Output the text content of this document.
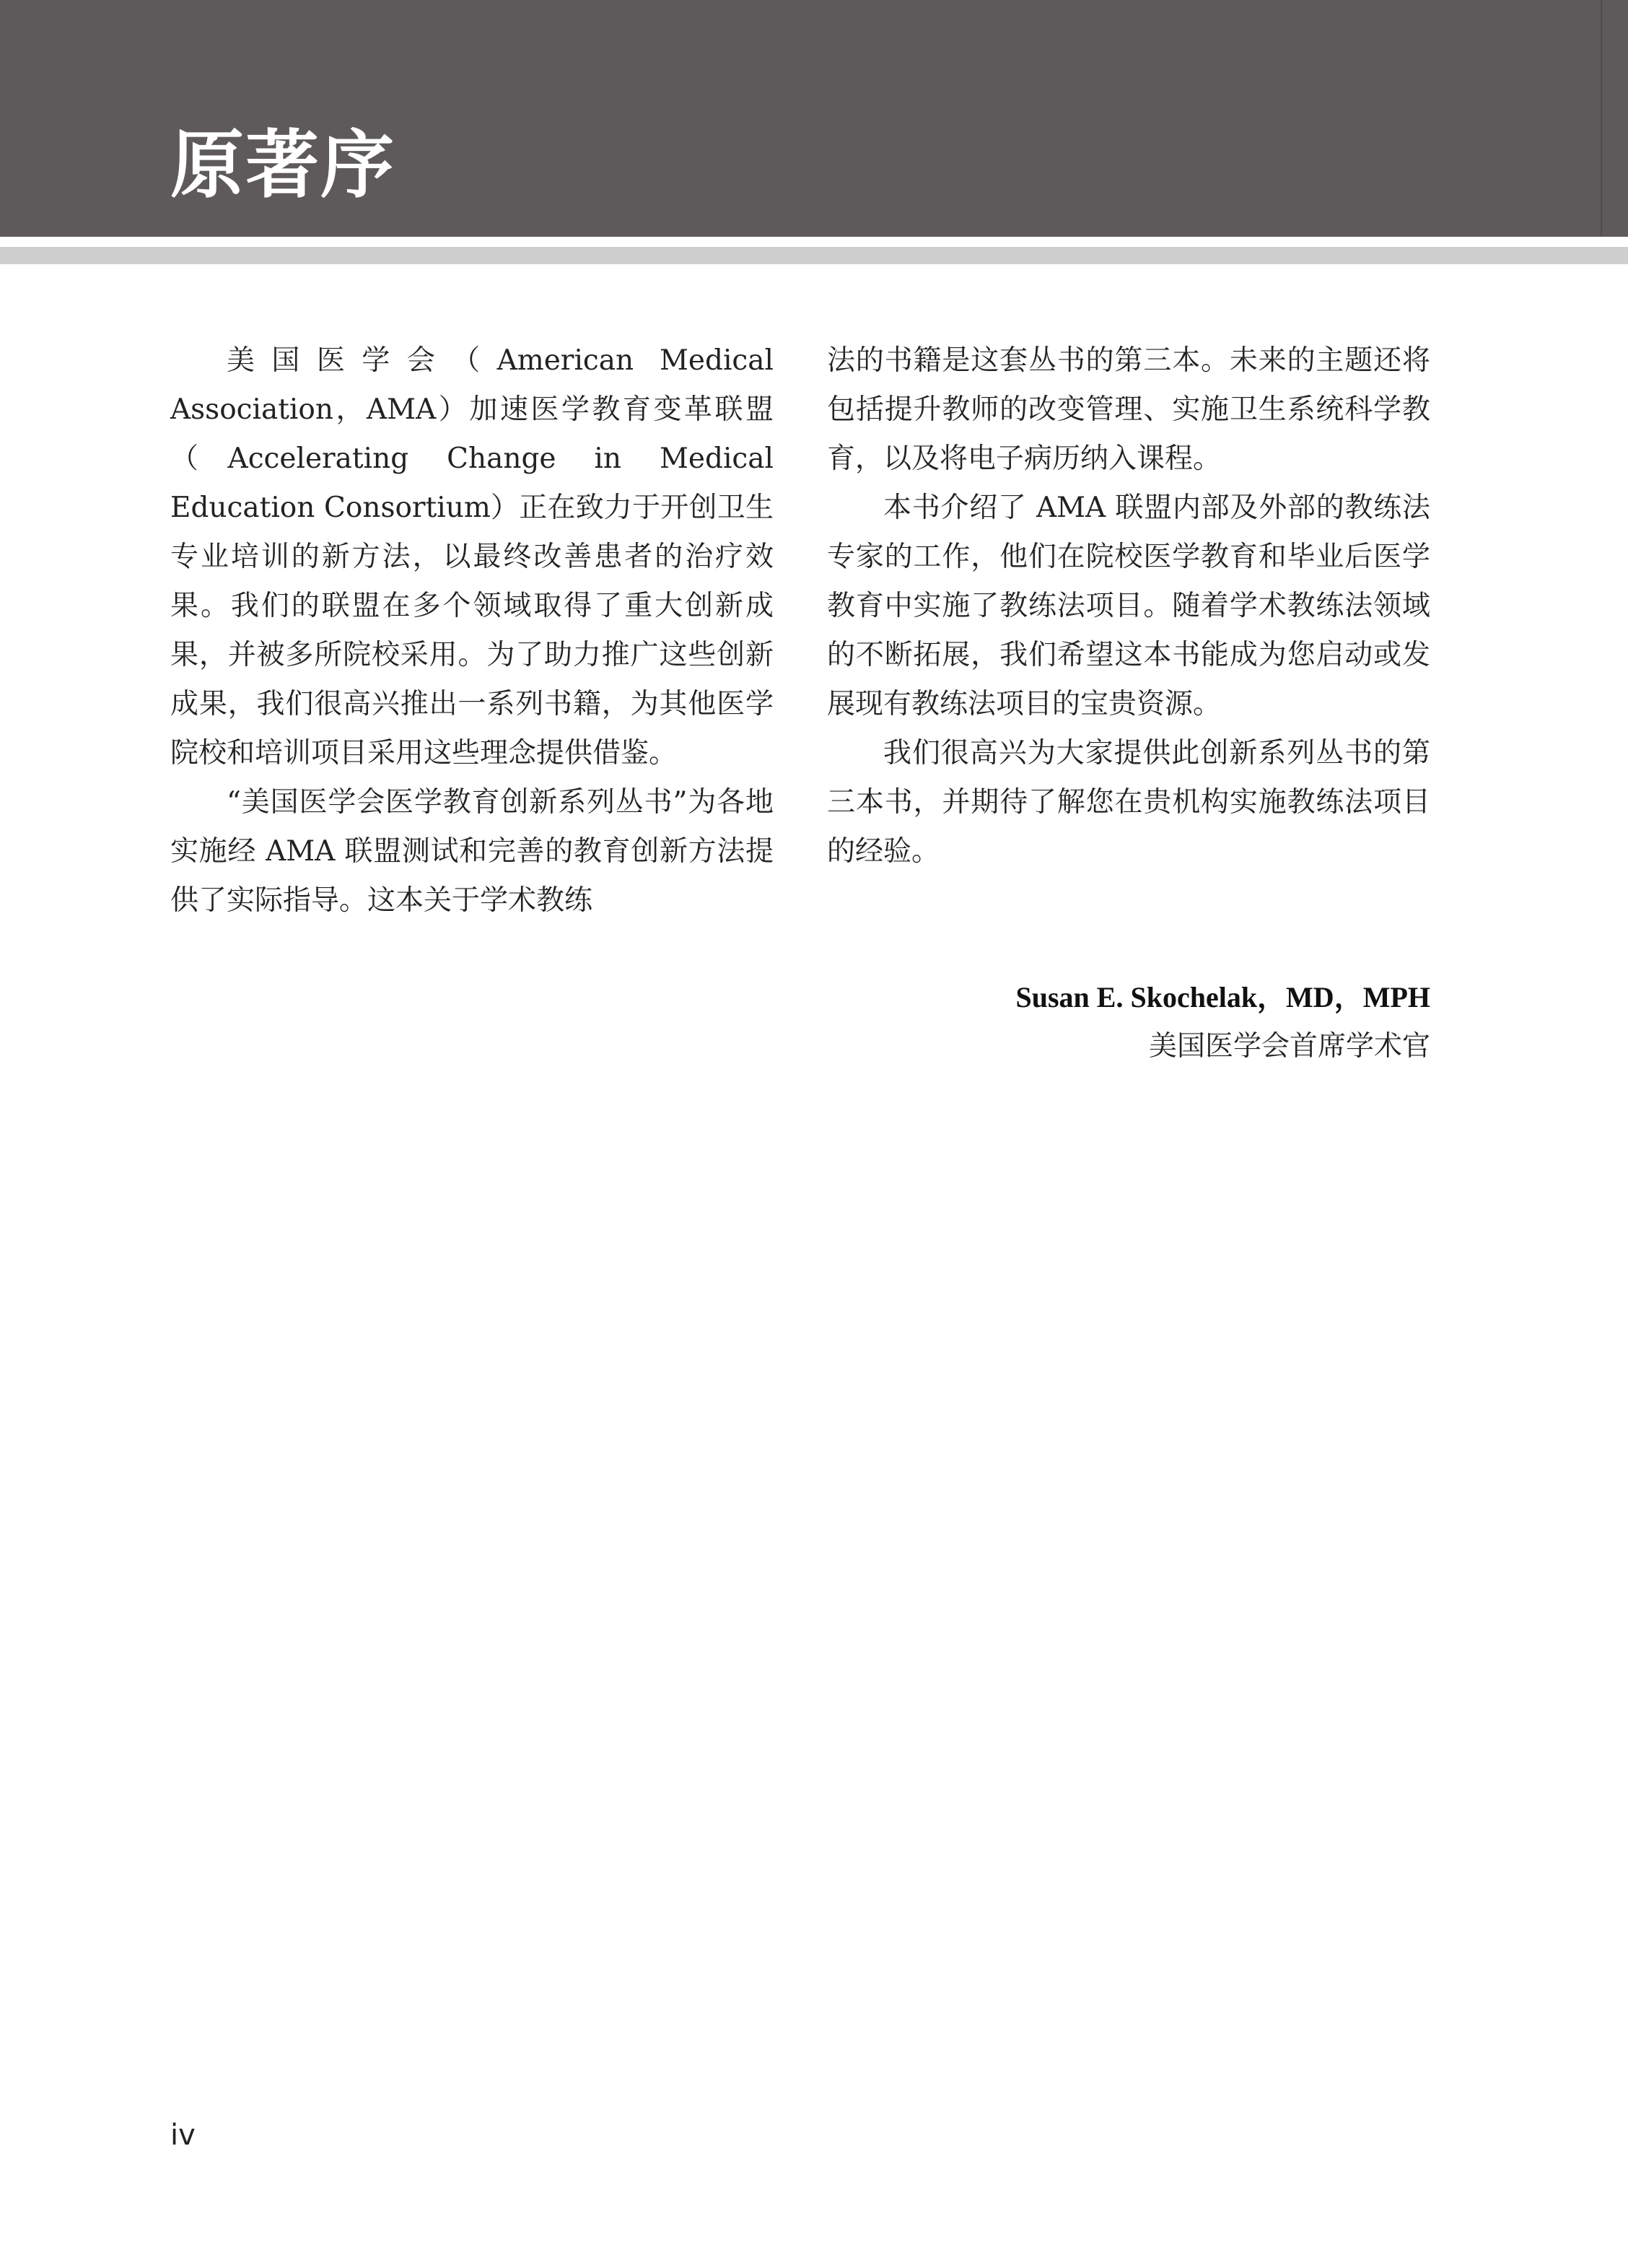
原著序

美国医学会（American Medical Association，AMA）加速医学教育变革联盟（Accelerating Change in Medical Education Consortium）正在致力于开创卫生专业培训的新方法，以最终改善患者的治疗效果。我们的联盟在多个领域取得了重大创新成果，并被多所院校采用。为了助力推广这些创新成果，我们很高兴推出一系列书籍，为其他医学院校和培训项目采用这些理念提供借鉴。

“美国医学会医学教育创新系列丛书”为各地实施经 AMA 联盟测试和完善的教育创新方法提供了实际指导。这本关于学术教练

法的书籍是这套丛书的第三本。未来的主题还将包括提升教师的改变管理、实施卫生系统科学教育，以及将电子病历纳入课程。

本书介绍了 AMA 联盟内部及外部的教练法专家的工作，他们在院校医学教育和毕业后医学教育中实施了教练法项目。随着学术教练法领域的不断拓展，我们希望这本书能成为您启动或发展现有教练法项目的宝贵资源。

我们很高兴为大家提供此创新系列丛书的第三本书，并期待了解您在贵机构实施教练法项目的经验。

Susan E. Skochelak，MD，MPH
美国医学会首席学术官
iv
